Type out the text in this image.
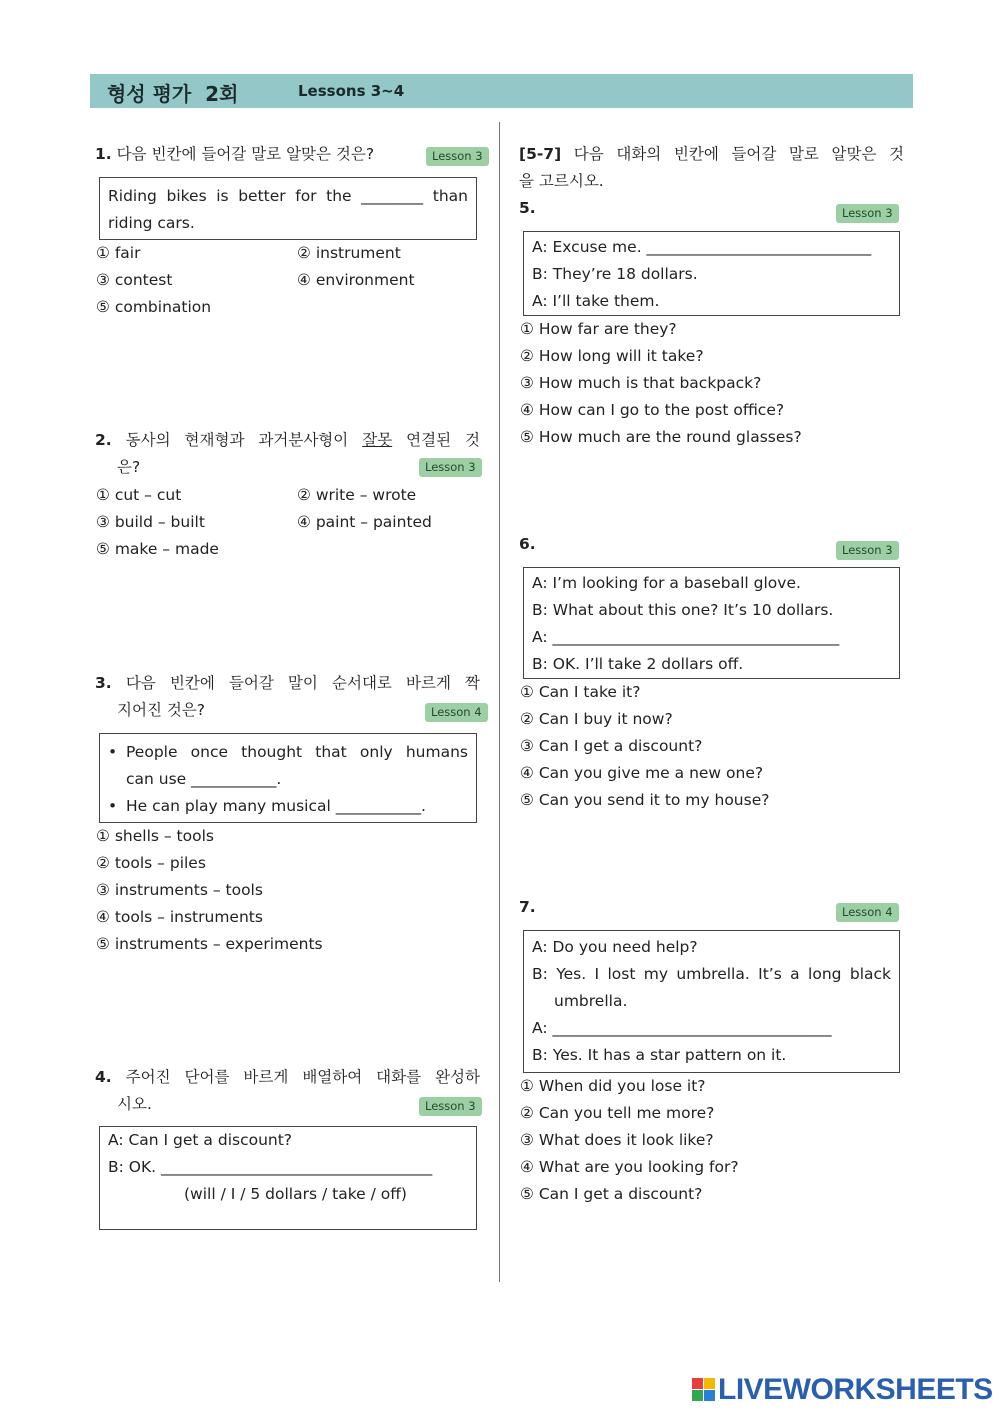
형성 평가  2회	Lessons 3~4
1. 다음 빈칸에 들어갈 말로 알맞은 것은?	Lesson 3
Riding bikes is better for the ________ than
riding cars.
① fair	② instrument
③ contest	④ environment
⑤ combination
2. 동사의 현재형과 과거분사형이 잘못 연결된 것
은?	Lesson 3
① cut – cut	② write – wrote
③ build – built	④ paint – painted
⑤ make – made
3. 다음 빈칸에 들어갈 말이 순서대로 바르게 짝
지어진 것은?	Lesson 4
• People once thought that only humans
can use ___________.
• He can play many musical ___________.
① shells – tools
② tools – piles
③ instruments – tools
④ tools – instruments
⑤ instruments – experiments
4. 주어진 단어를 바르게 배열하여 대화를 완성하
시오.	Lesson 3
A: Can I get a discount?
B: OK. ___________________________________
(will / I / 5 dollars / take / off)
[5-7] 다음 대화의 빈칸에 들어갈 말로 알맞은 것
을 고르시오.
5.	Lesson 3
A: Excuse me. _____________________________
B: They’re 18 dollars.
A: I’ll take them.
① How far are they?
② How long will it take?
③ How much is that backpack?
④ How can I go to the post office?
⑤ How much are the round glasses?
6.	Lesson 3
A: I’m looking for a baseball glove.
B: What about this one? It’s 10 dollars.
A: _____________________________________
B: OK. I’ll take 2 dollars off.
① Can I take it?
② Can I buy it now?
③ Can I get a discount?
④ Can you give me a new one?
⑤ Can you send it to my house?
7.	Lesson 4
A: Do you need help?
B: Yes. I lost my umbrella. It’s a long black
umbrella.
A: ____________________________________
B: Yes. It has a star pattern on it.
① When did you lose it?
② Can you tell me more?
③ What does it look like?
④ What are you looking for?
⑤ Can I get a discount?
LIVEWORKSHEETS
